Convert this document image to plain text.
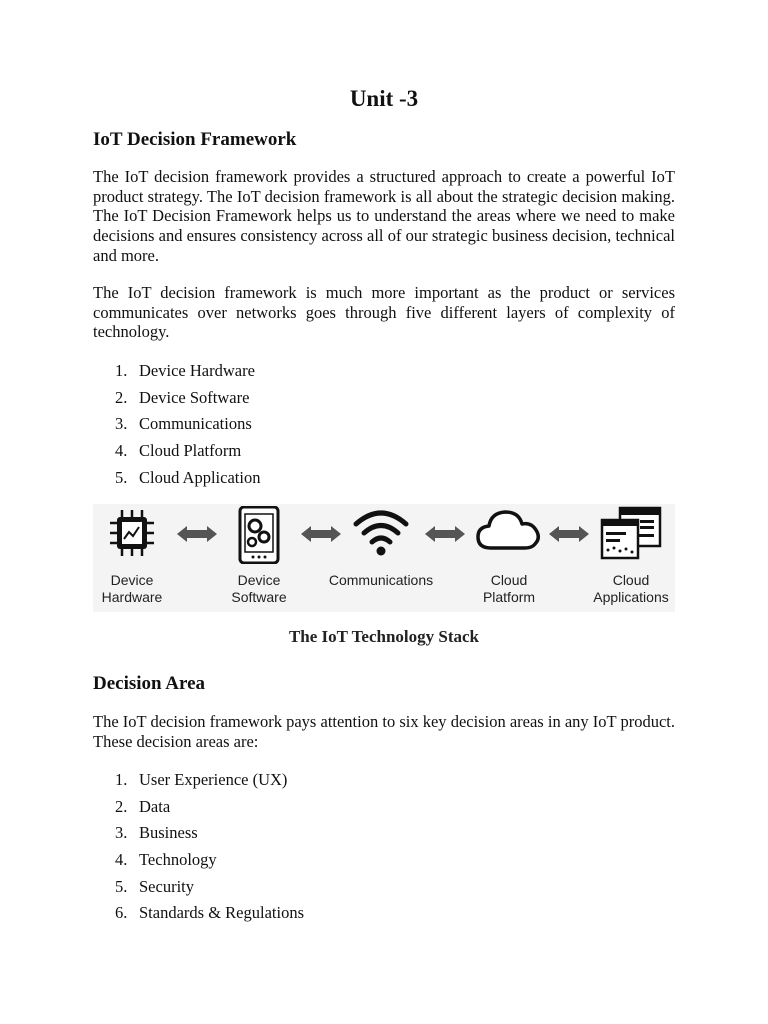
Unit -3
IoT Decision Framework

The IoT decision framework provides a structured approach to create a powerful IoT product strategy. The IoT decision framework is all about the strategic decision making. The IoT Decision Framework helps us to understand the areas where we need to make decisions and ensures consistency across all of our strategic business decision, technical and more.

The IoT decision framework is much more important as the product or services communicates over networks goes through five different layers of complexity of technology.

1. Device Hardware
2. Device Software
3. Communications
4. Cloud Platform
5. Cloud Application
Device
Hardware
Device
Software
Communications	Cloud
Platform
Cloud
Applications

The IoT Technology Stack

Decision Area

The IoT decision framework pays attention to six key decision areas in any IoT product. These decision areas are:

1. User Experience (UX)
2. Data
3. Business
4. Technology
5. Security
6. Standards & Regulations
